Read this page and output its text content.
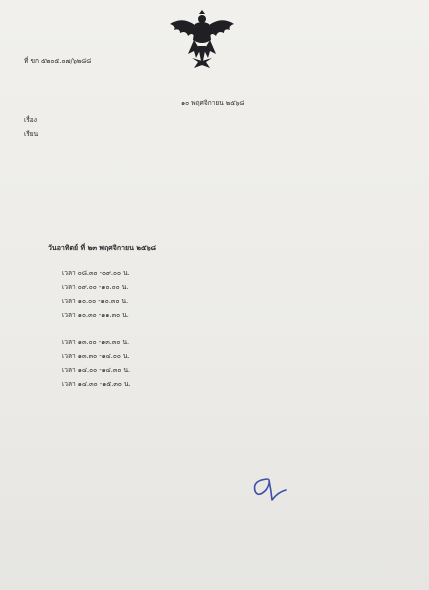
ที่ ขก ๕๒๐๕.๐๗/๖๒๘๘
๑๐ พฤศจิกายน ๒๕๖๘
เรื่อง
เรียน
วันอาทิตย์ ที่ ๒๓ พฤศจิกายน ๒๕๖๘
เวลา ๐๘.๓๐ -๐๙.๐๐ น.
เวลา ๐๙.๐๐ -๑๐.๐๐ น.
เวลา ๑๐.๐๐ -๑๐.๓๐ น.
เวลา ๑๐.๓๐ -๑๑.๓๐ น.
เวลา ๑๓.๐๐ -๑๓.๓๐ น.
เวลา ๑๓.๓๐ -๑๔.๐๐ น.
เวลา ๑๔.๐๐ -๑๔.๓๐ น.
เวลา ๑๔.๓๐ -๑๕.๓๐ น.
